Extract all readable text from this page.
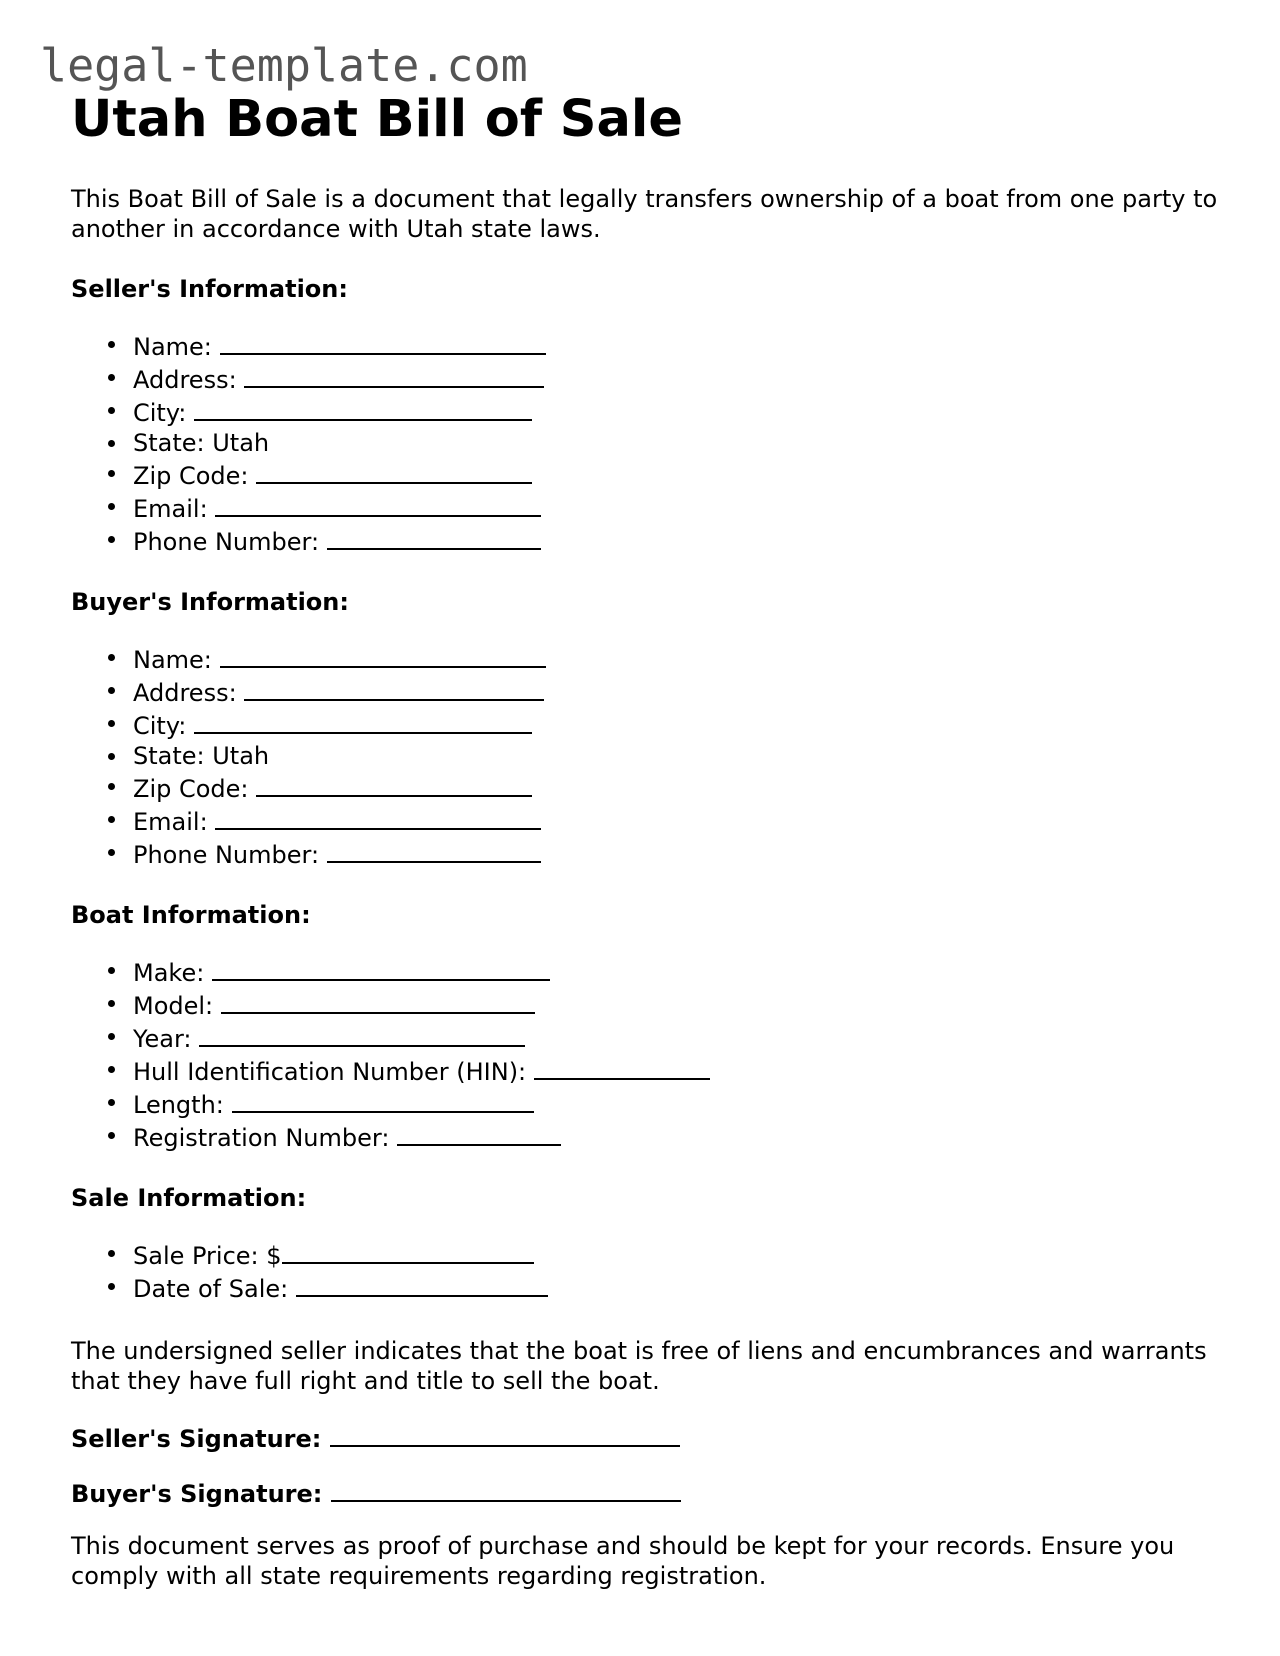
legal-template.com
Utah Boat Bill of Sale

This Boat Bill of Sale is a document that legally transfers ownership of a boat from one party to another in accordance with Utah state laws.

Seller's Information:
Name:
Address:
City:
State: Utah
Zip Code:
Email:
Phone Number:
Buyer's Information:
Name:
Address:
City:
State: Utah
Zip Code:
Email:
Phone Number:
Boat Information:
Make:
Model:
Year:
Hull Identification Number (HIN):
Length:
Registration Number:
Sale Information:
Sale Price: $
Date of Sale:

The undersigned seller indicates that the boat is free of liens and encumbrances and warrants that they have full right and title to sell the boat.

Seller's Signature:
Buyer's Signature:

This document serves as proof of purchase and should be kept for your records. Ensure you comply with all state requirements regarding registration.
